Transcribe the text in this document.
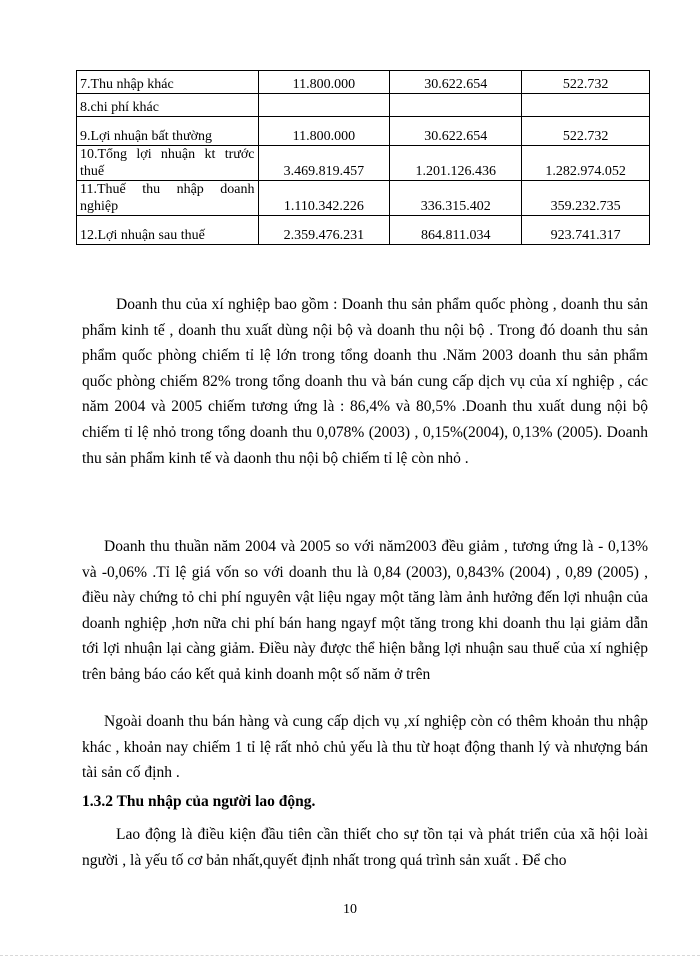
7.Thu nhập khác	11.800.000	30.622.654	522.732
8.chi phí khác			
9.Lợi nhuận bất thường	11.800.000	30.622.654	522.732
10.Tổng lợi nhuận kt trước thuế	3.469.819.457	1.201.126.436	1.282.974.052
11.Thuế thu nhập doanh nghiệp	1.110.342.226	336.315.402	359.232.735
12.Lợi nhuận sau thuế	2.359.476.231	864.811.034	923.741.317

Doanh thu của xí nghiệp bao gồm : Doanh thu sản phẩm quốc phòng , doanh thu sản phẩm kinh tế , doanh thu xuất dùng nội bộ và doanh thu nội bộ . Trong đó doanh thu sản phẩm quốc phòng chiếm tỉ lệ lớn trong tổng doanh thu .Năm 2003 doanh thu sản phẩm quốc phòng chiếm 82% trong tổng doanh thu và bán cung cấp dịch vụ của xí nghiệp , các năm 2004 và 2005 chiếm tương ứng là : 86,4% và 80,5% .Doanh thu xuất dung nội bộ chiếm tỉ lệ nhỏ trong tổng doanh thu 0,078% (2003) , 0,15%(2004), 0,13% (2005). Doanh thu sản phẩm kinh tế và daonh thu nội bộ chiếm tỉ lệ còn nhỏ .

Doanh thu thuần năm 2004 và 2005 so với năm2003 đều giảm , tương ứng là - 0,13% và -0,06% .Tỉ lệ giá vốn so với doanh thu là 0,84 (2003), 0,843% (2004) , 0,89 (2005) , điều này chứng tỏ chi phí nguyên vật liệu ngay một tăng làm ảnh hưởng đến lợi nhuận của doanh nghiệp ,hơn nữa chi phí bán hang ngayf một tăng trong khi doanh thu lại giảm dẫn tới lợi nhuận lại càng giảm. Điều này được thể hiện bằng lợi nhuận sau thuế của xí nghiệp trên bảng báo cáo kết quả kinh doanh một số năm ở trên

Ngoài doanh thu bán hàng và cung cấp dịch vụ ,xí nghiệp còn có thêm khoản thu nhập khác , khoản nay chiếm 1 tỉ lệ rất nhỏ chủ yếu là thu từ hoạt động thanh lý và nhượng bán tài sản cố định .

1.3.2 Thu nhập của người lao động.

Lao động là điều kiện đầu tiên cần thiết cho sự tồn tại và phát triển của xã hội loài người , là yếu tố cơ bản nhất,quyết định nhất trong quá trình sản xuất . Để cho

10
